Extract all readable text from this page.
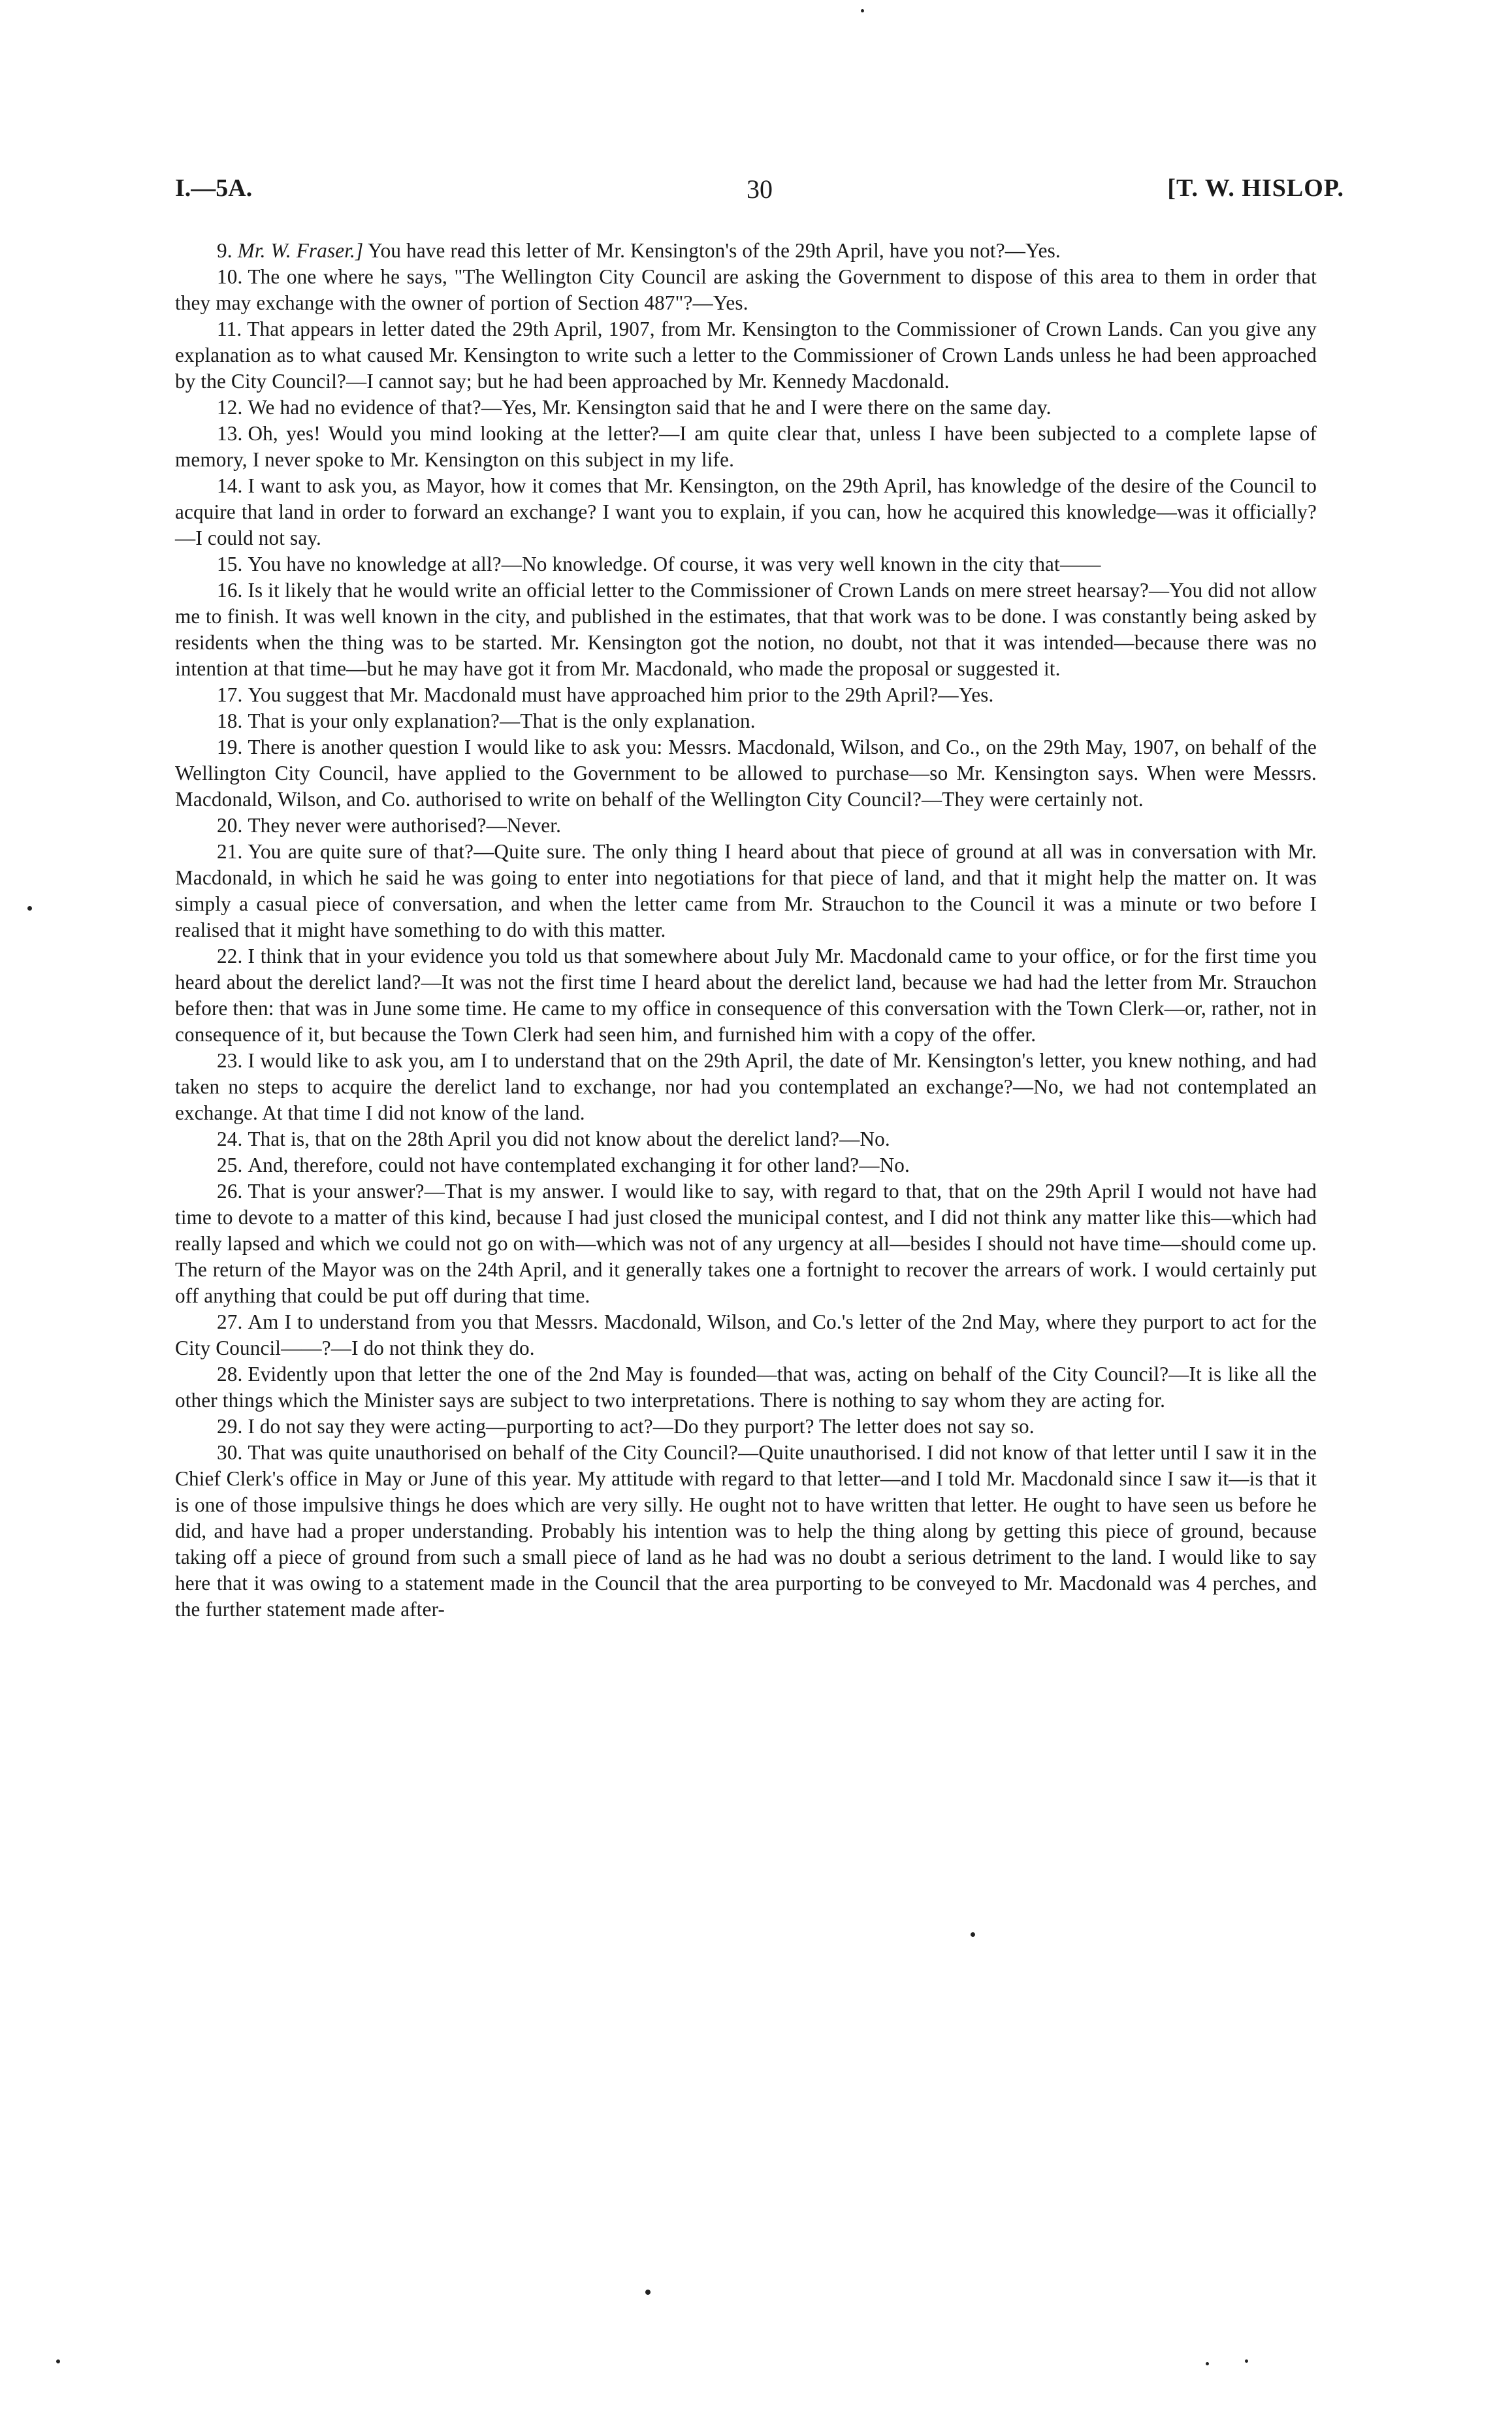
I.—5A.	30	[T. W. HISLOP.

9. Mr. W. Fraser.] You have read this letter of Mr. Kensington's of the 29th April, have you not?—Yes.

10. The one where he says, "The Wellington City Council are asking the Government to dispose of this area to them in order that they may exchange with the owner of portion of Section 487"?—Yes.

11. That appears in letter dated the 29th April, 1907, from Mr. Kensington to the Commissioner of Crown Lands. Can you give any explanation as to what caused Mr. Kensington to write such a letter to the Commissioner of Crown Lands unless he had been approached by the City Council?—I cannot say; but he had been approached by Mr. Kennedy Macdonald.

12. We had no evidence of that?—Yes, Mr. Kensington said that he and I were there on the same day.

13. Oh, yes! Would you mind looking at the letter?—I am quite clear that, unless I have been subjected to a complete lapse of memory, I never spoke to Mr. Kensington on this subject in my life.

14. I want to ask you, as Mayor, how it comes that Mr. Kensington, on the 29th April, has knowledge of the desire of the Council to acquire that land in order to forward an exchange? I want you to explain, if you can, how he acquired this knowledge—was it officially?—I could not say.

15. You have no knowledge at all?—No knowledge. Of course, it was very well known in the city that——

16. Is it likely that he would write an official letter to the Commissioner of Crown Lands on mere street hearsay?—You did not allow me to finish. It was well known in the city, and published in the estimates, that that work was to be done. I was constantly being asked by residents when the thing was to be started. Mr. Kensington got the notion, no doubt, not that it was intended—because there was no intention at that time—but he may have got it from Mr. Macdonald, who made the proposal or suggested it.

17. You suggest that Mr. Macdonald must have approached him prior to the 29th April?—Yes.

18. That is your only explanation?—That is the only explanation.

19. There is another question I would like to ask you: Messrs. Macdonald, Wilson, and Co., on the 29th May, 1907, on behalf of the Wellington City Council, have applied to the Government to be allowed to purchase—so Mr. Kensington says. When were Messrs. Macdonald, Wilson, and Co. authorised to write on behalf of the Wellington City Council?—They were certainly not.

20. They never were authorised?—Never.

21. You are quite sure of that?—Quite sure. The only thing I heard about that piece of ground at all was in conversation with Mr. Macdonald, in which he said he was going to enter into negotiations for that piece of land, and that it might help the matter on. It was simply a casual piece of conversation, and when the letter came from Mr. Strauchon to the Council it was a minute or two before I realised that it might have something to do with this matter.

22. I think that in your evidence you told us that somewhere about July Mr. Macdonald came to your office, or for the first time you heard about the derelict land?—It was not the first time I heard about the derelict land, because we had had the letter from Mr. Strauchon before then: that was in June some time. He came to my office in consequence of this conversation with the Town Clerk—or, rather, not in consequence of it, but because the Town Clerk had seen him, and furnished him with a copy of the offer.

23. I would like to ask you, am I to understand that on the 29th April, the date of Mr. Kensington's letter, you knew nothing, and had taken no steps to acquire the derelict land to exchange, nor had you contemplated an exchange?—No, we had not contemplated an exchange. At that time I did not know of the land.

24. That is, that on the 28th April you did not know about the derelict land?—No.

25. And, therefore, could not have contemplated exchanging it for other land?—No.

26. That is your answer?—That is my answer. I would like to say, with regard to that, that on the 29th April I would not have had time to devote to a matter of this kind, because I had just closed the municipal contest, and I did not think any matter like this—which had really lapsed and which we could not go on with—which was not of any urgency at all—besides I should not have time—should come up. The return of the Mayor was on the 24th April, and it generally takes one a fortnight to recover the arrears of work. I would certainly put off anything that could be put off during that time.

27. Am I to understand from you that Messrs. Macdonald, Wilson, and Co.'s letter of the 2nd May, where they purport to act for the City Council——?—I do not think they do.

28. Evidently upon that letter the one of the 2nd May is founded—that was, acting on behalf of the City Council?—It is like all the other things which the Minister says are subject to two interpretations. There is nothing to say whom they are acting for.

29. I do not say they were acting—purporting to act?—Do they purport? The letter does not say so.

30. That was quite unauthorised on behalf of the City Council?—Quite unauthorised. I did not know of that letter until I saw it in the Chief Clerk's office in May or June of this year. My attitude with regard to that letter—and I told Mr. Macdonald since I saw it—is that it is one of those impulsive things he does which are very silly. He ought not to have written that letter. He ought to have seen us before he did, and have had a proper understanding. Probably his intention was to help the thing along by getting this piece of ground, because taking off a piece of ground from such a small piece of land as he had was no doubt a serious detriment to the land. I would like to say here that it was owing to a statement made in the Council that the area purporting to be conveyed to Mr. Macdonald was 4 perches, and the further statement made after-
